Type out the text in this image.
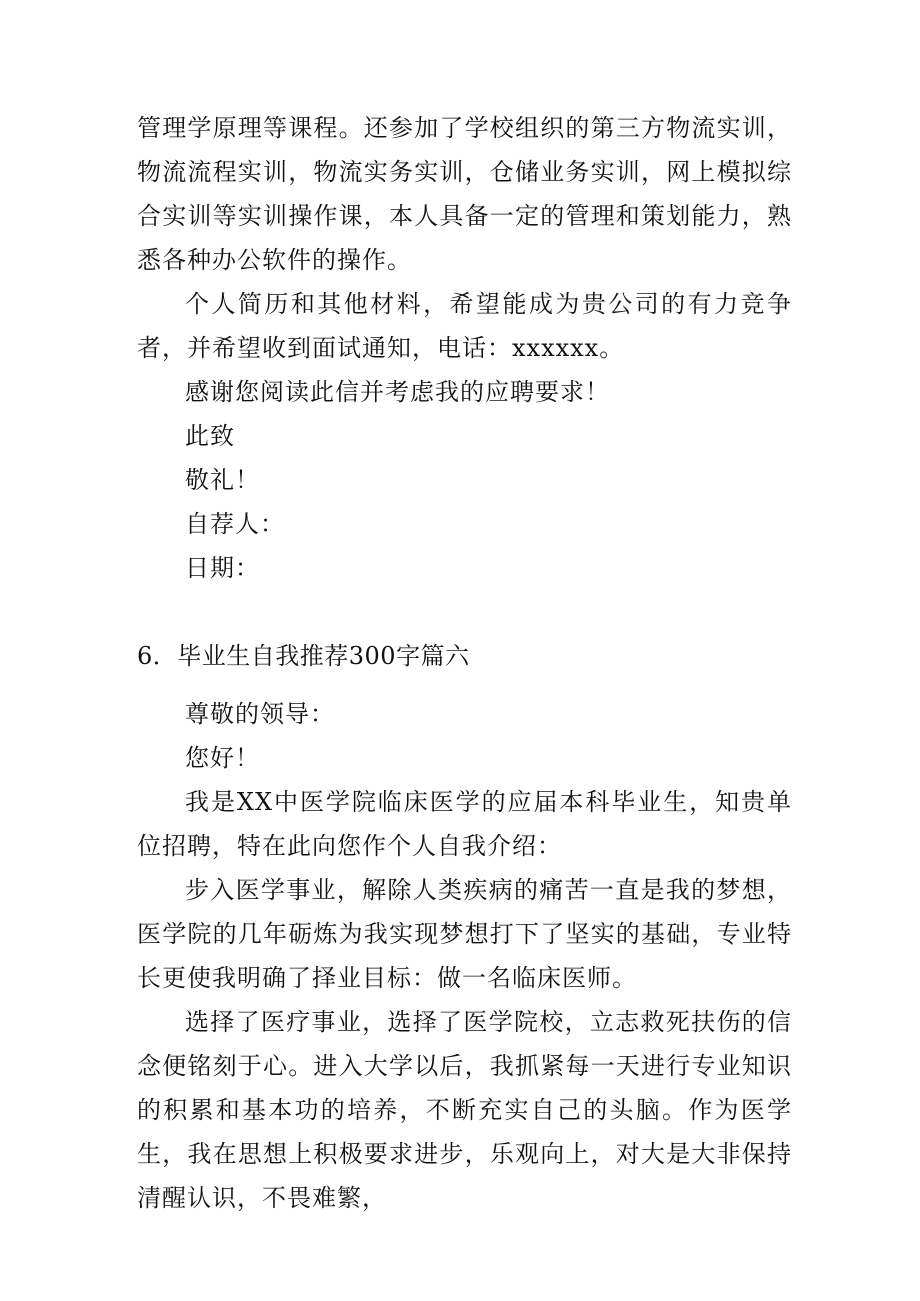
管理学原理等课程。还参加了学校组织的第三方物流实训，物流流程实训，物流实务实训，仓储业务实训，网上模拟综合实训等实训操作课，本人具备一定的管理和策划能力，熟悉各种办公软件的操作。

个人简历和其他材料，希望能成为贵公司的有力竞争者，并希望收到面试通知，电话：xxxxxx。

感谢您阅读此信并考虑我的应聘要求！

此致

敬礼！

自荐人：

日期：

6．毕业生自我推荐300字篇六

尊敬的领导：

您好！

我是XX中医学院临床医学的应届本科毕业生，知贵单位招聘，特在此向您作个人自我介绍：

步入医学事业，解除人类疾病的痛苦一直是我的梦想，医学院的几年砺炼为我实现梦想打下了坚实的基础，专业特长更使我明确了择业目标：做一名临床医师。

选择了医疗事业，选择了医学院校，立志救死扶伤的信念便铭刻于心。进入大学以后，我抓紧每一天进行专业知识的积累和基本功的培养，不断充实自己的头脑。作为医学生，我在思想上积极要求进步，乐观向上，对大是大非保持清醒认识，不畏难繁，
